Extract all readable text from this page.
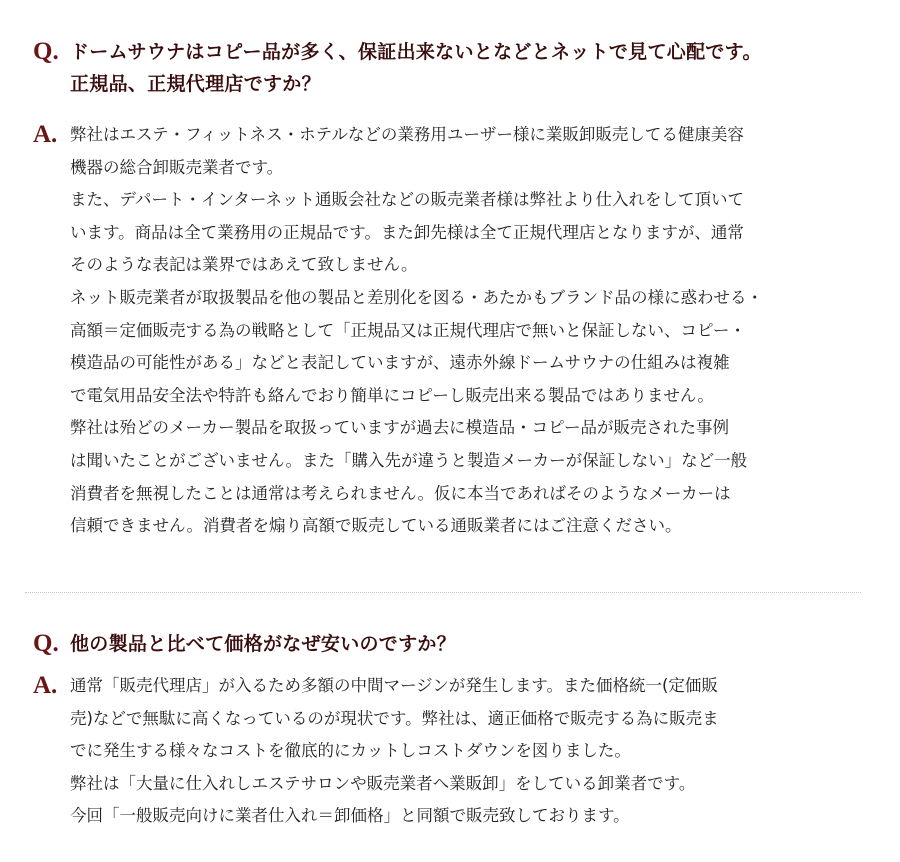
Q. ドームサウナはコピー品が多く、保証出来ないとなどとネットで見て心配です。
正規品、正規代理店ですか？
A. 弊社はエステ・フィットネス・ホテルなどの業務用ユーザー様に業販卸販売してる健康美容
機器の総合卸販売業者です。
また、デパート・インターネット通販会社などの販売業者様は弊社より仕入れをして頂いて
います。商品は全て業務用の正規品です。また卸先様は全て正規代理店となりますが、通常
そのような表記は業界ではあえて致しません。
ネット販売業者が取扱製品を他の製品と差別化を図る・あたかもブランド品の様に惑わせる・
高額＝定価販売する為の戦略として「正規品又は正規代理店で無いと保証しない、コピー・
模造品の可能性がある」などと表記していますが、遠赤外線ドームサウナの仕組みは複雑
で電気用品安全法や特許も絡んでおり簡単にコピーし販売出来る製品ではありません。
弊社は殆どのメーカー製品を取扱っていますが過去に模造品・コピー品が販売された事例
は聞いたことがございません。また「購入先が違うと製造メーカーが保証しない」など一般
消費者を無視したことは通常は考えられません。仮に本当であればそのようなメーカーは
信頼できません。消費者を煽り高額で販売している通販業者にはご注意ください。
Q. 他の製品と比べて価格がなぜ安いのですか？
A. 通常「販売代理店」が入るため多額の中間マージンが発生します。また価格統一(定価販
売)などで無駄に高くなっているのが現状です。弊社は、適正価格で販売する為に販売ま
でに発生する様々なコストを徹底的にカットしコストダウンを図りました。
弊社は「大量に仕入れしエステサロンや販売業者へ業販卸」をしている卸業者です。
今回「一般販売向けに業者仕入れ＝卸価格」と同額で販売致しております。
